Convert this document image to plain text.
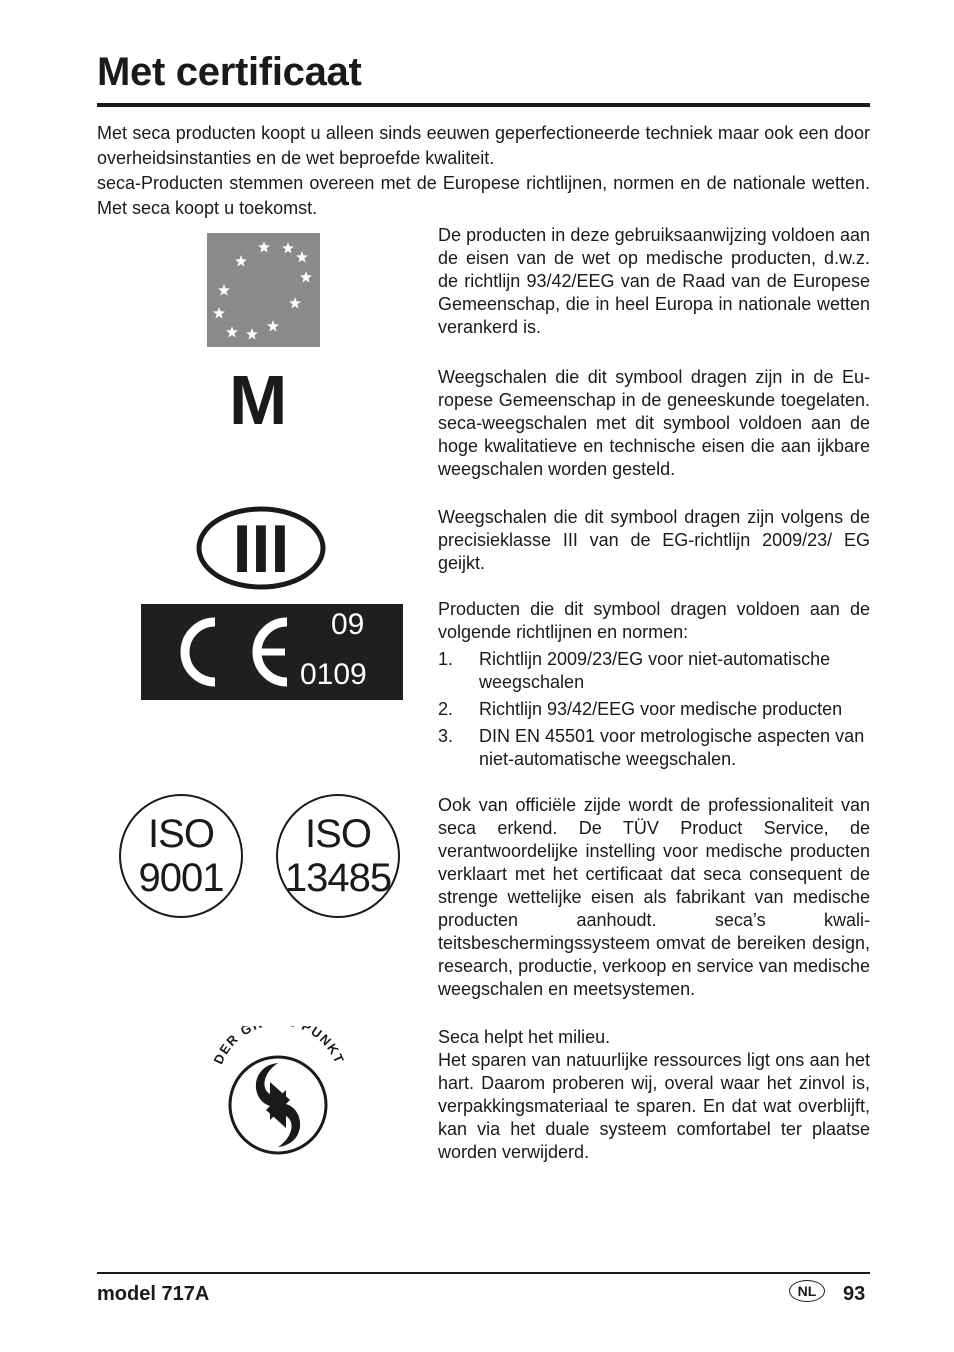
Met certificaat

Met seca producten koopt u alleen sinds eeuwen geperfectioneerde techniek maar ook een door overheidsinstanties en de wet beproefde kwaliteit.

seca-Producten stemmen overeen met de Europese richtlijnen, normen en de nationale wetten. Met seca koopt u toekomst.

De producten in deze gebruiksaanwijzing voldoen aan de eisen van de wet op medische producten, d.w.z. de richtlijn 93/42/EEG van de Raad van de Europese Gemeenschap, die in heel Europa in nationale wetten verankerd is.

M	Weegschalen die dit symbool dragen zijn in de Europese Gemeenschap in de geneeskunde toegelaten. seca-weegschalen met dit symbool voldoen aan de hoge kwalitatieve en technische eisen die aan ijkbare weegschalen worden gesteld.

III	Weegschalen die dit symbool dragen zijn volgens de precisieklasse III van de EG-richtlijn 2009/23/ EG geijkt.

09
0109

Producten die dit symbool dragen voldoen aan de volgende richtlijnen en normen:

1. Richtlijn 2009/23/EG voor niet-automatische weegschalen
2. Richtlijn 93/42/EEG voor medische producten
3. DIN EN 45501 voor metrologische aspecten van niet-automatische weegschalen.
ISO
9001
ISO
13485

Ook van officiële zijde wordt de professionaliteit van seca erkend. De TÜV Product Service, de verantwoordelijke instelling voor medische producten verklaart met het certificaat dat seca consequent de strenge wettelijke eisen als fabrikant van medische producten aanhoudt. seca’s kwaliteitsbeschermingssysteem omvat de bereiken design, research, productie, verkoop en service van medische weegschalen en meetsystemen.

DER G PUNKT

Seca helpt het milieu.

Het sparen van natuurlijke ressources ligt ons aan het hart. Daarom proberen wij, overal waar het zinvol is, verpakkingsmateriaal te sparen. En dat wat overblijft, kan via het duale systeem comfortabel ter plaatse worden verwijderd.

model 717A	NL	93
